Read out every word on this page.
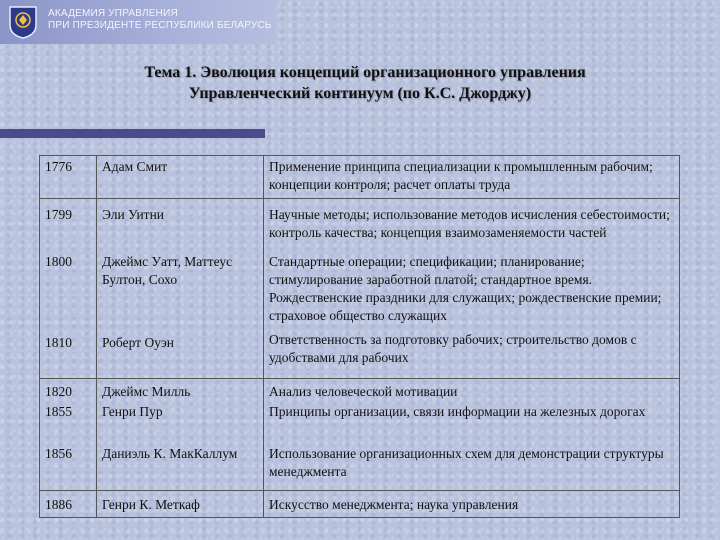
АКАДЕМИЯ УПРАВЛЕНИЯ
ПРИ ПРЕЗИДЕНТЕ РЕСПУБЛИКИ БЕЛАРУСЬ
Тема 1. Эволюция концепций организационного управления
Управленческий континуум (по К.С. Джорджу)
1776	Адам Смит	Применение принципа специализации к промышленным рабочим; концепции контроля; расчет оплаты труда
1799	Эли Уитни	Научные методы; использование методов исчисления себестоимости; контроль качества; концепция взаимозаменяемости частей
1800	Джеймс Уатт, Маттеус Бултон, Сохо	Стандартные операции; спецификации; планирование; стимулирование заработной платой; стандартное время. Рождественские праздники для служащих; рождественские премии; страховое общество служащих
1810	Роберт Оуэн	Ответственность за подготовку рабочих; строительство домов с удобствами для рабочих
1820	Джеймс Милль	Анализ человеческой мотивации
1855	Генри Пур	Принципы организации, связи информации на железных дорогах
1856	Даниэль К. МакКаллум	Использование организационных схем для демонстрации структуры менеджмента
1886	Генри К. Меткаф	Искусство менеджмента; наука управления
